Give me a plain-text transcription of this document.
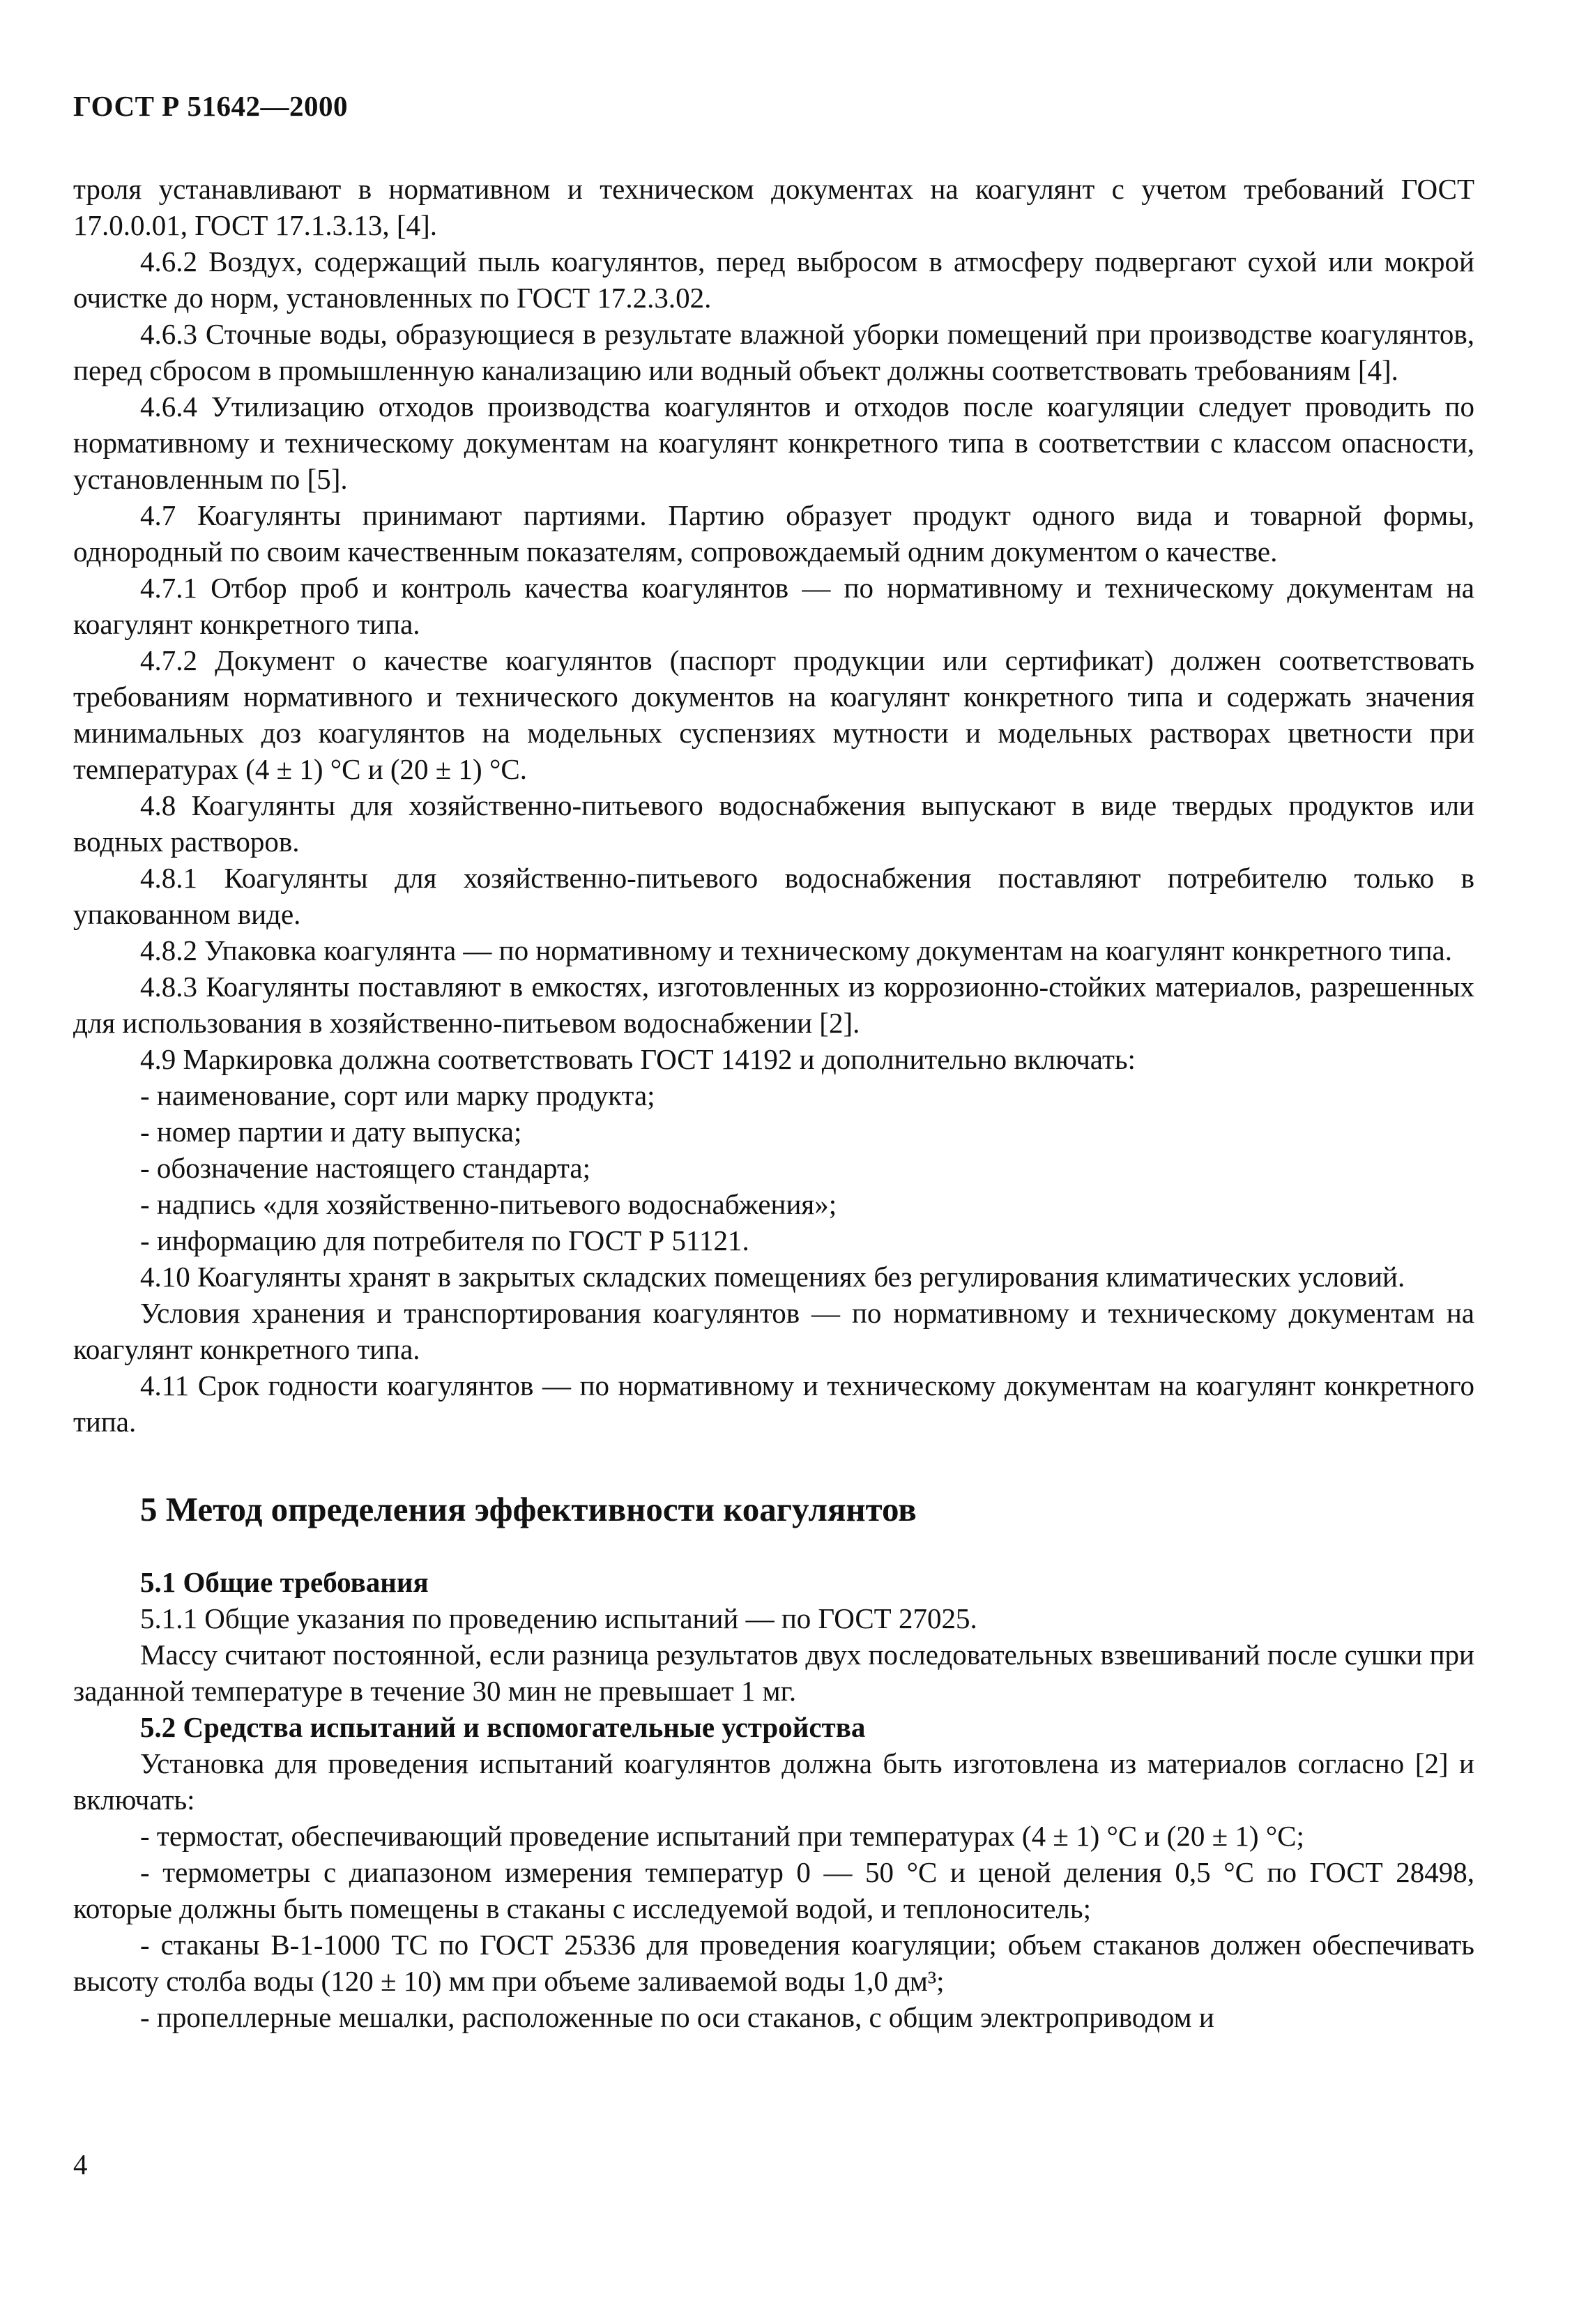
ГОСТ Р 51642—2000

троля устанавливают в нормативном и техническом документах на коагулянт с учетом требований ГОСТ 17.0.0.01, ГОСТ 17.1.3.13, [4].

4.6.2 Воздух, содержащий пыль коагулянтов, перед выбросом в атмосферу подвергают сухой или мокрой очистке до норм, установленных по ГОСТ 17.2.3.02.

4.6.3 Сточные воды, образующиеся в результате влажной уборки помещений при производстве коагулянтов, перед сбросом в промышленную канализацию или водный объект должны соответствовать требованиям [4].

4.6.4 Утилизацию отходов производства коагулянтов и отходов после коагуляции следует проводить по нормативному и техническому документам на коагулянт конкретного типа в соответствии с классом опасности, установленным по [5].

4.7 Коагулянты принимают партиями. Партию образует продукт одного вида и товарной формы, однородный по своим качественным показателям, сопровождаемый одним документом о качестве.

4.7.1 Отбор проб и контроль качества коагулянтов — по нормативному и техническому документам на коагулянт конкретного типа.

4.7.2 Документ о качестве коагулянтов (паспорт продукции или сертификат) должен соответствовать требованиям нормативного и технического документов на коагулянт конкретного типа и содержать значения минимальных доз коагулянтов на модельных суспензиях мутности и модельных растворах цветности при температурах (4 ± 1) °С и (20 ± 1) °С.

4.8 Коагулянты для хозяйственно-питьевого водоснабжения выпускают в виде твердых продуктов или водных растворов.

4.8.1 Коагулянты для хозяйственно-питьевого водоснабжения поставляют потребителю только в упакованном виде.

4.8.2 Упаковка коагулянта — по нормативному и техническому документам на коагулянт конкретного типа.

4.8.3 Коагулянты поставляют в емкостях, изготовленных из коррозионно-стойких материалов, разрешенных для использования в хозяйственно-питьевом водоснабжении [2].

4.9 Маркировка должна соответствовать ГОСТ 14192 и дополнительно включать:

- наименование, сорт или марку продукта;

- номер партии и дату выпуска;

- обозначение настоящего стандарта;

- надпись «для хозяйственно-питьевого водоснабжения»;

- информацию для потребителя по ГОСТ Р 51121.

4.10 Коагулянты хранят в закрытых складских помещениях без регулирования климатических условий.

Условия хранения и транспортирования коагулянтов — по нормативному и техническому документам на коагулянт конкретного типа.

4.11 Срок годности коагулянтов — по нормативному и техническому документам на коагулянт конкретного типа.

5 Метод определения эффективности коагулянтов
5.1 Общие требования

5.1.1 Общие указания по проведению испытаний — по ГОСТ 27025.

Массу считают постоянной, если разница результатов двух последовательных взвешиваний после сушки при заданной температуре в течение 30 мин не превышает 1 мг.

5.2 Средства испытаний и вспомогательные устройства

Установка для проведения испытаний коагулянтов должна быть изготовлена из материалов согласно [2] и включать:

- термостат, обеспечивающий проведение испытаний при температурах (4 ± 1) °С и (20 ± 1) °С;

- термометры с диапазоном измерения температур 0 — 50 °С и ценой деления 0,5 °С по ГОСТ 28498, которые должны быть помещены в стаканы с исследуемой водой, и теплоноситель;

- стаканы В-1-1000 ТС по ГОСТ 25336 для проведения коагуляции; объем стаканов должен обеспечивать высоту столба воды (120 ± 10) мм при объеме заливаемой воды 1,0 дм³;

- пропеллерные мешалки, расположенные по оси стаканов, с общим электроприводом и

4
